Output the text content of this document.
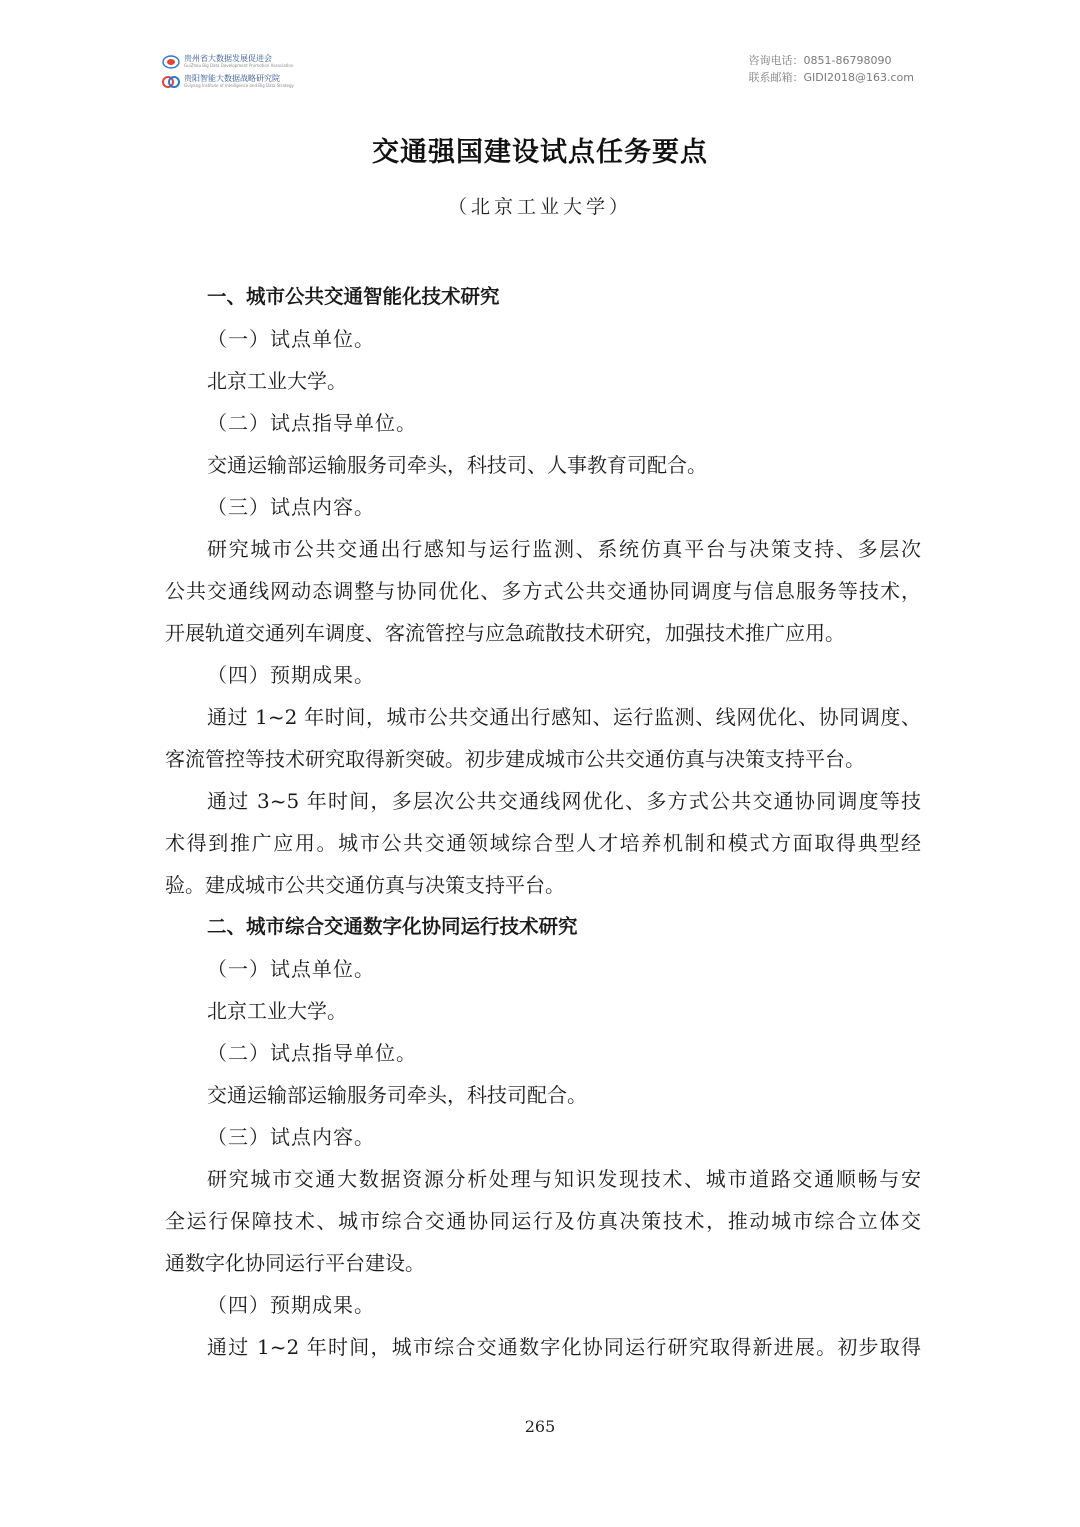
贵州省大数据发展促进会
GuiZhou Big Data Development Promotion Association
贵阳智能大数据战略研究院
Guiyang Institute of Intelligence and Big Data Strategy
咨询电话：0851-86798090
联系邮箱：GIDI2018@163.com
交通强国建设试点任务要点
（北京工业大学）
一、城市公共交通智能化技术研究
（一）试点单位。
北京工业大学。
（二）试点指导单位。
交通运输部运输服务司牵头，科技司、人事教育司配合。
（三）试点内容。
研究城市公共交通出行感知与运行监测、系统仿真平台与决策支持、多层次
公共交通线网动态调整与协同优化、多方式公共交通协同调度与信息服务等技术，
开展轨道交通列车调度、客流管控与应急疏散技术研究，加强技术推广应用。
（四）预期成果。
通过 1~2 年时间，城市公共交通出行感知、运行监测、线网优化、协同调度、
客流管控等技术研究取得新突破。初步建成城市公共交通仿真与决策支持平台。
通过 3~5 年时间，多层次公共交通线网优化、多方式公共交通协同调度等技
术得到推广应用。城市公共交通领域综合型人才培养机制和模式方面取得典型经
验。建成城市公共交通仿真与决策支持平台。
二、城市综合交通数字化协同运行技术研究
（一）试点单位。
北京工业大学。
（二）试点指导单位。
交通运输部运输服务司牵头，科技司配合。
（三）试点内容。
研究城市交通大数据资源分析处理与知识发现技术、城市道路交通顺畅与安
全运行保障技术、城市综合交通协同运行及仿真决策技术，推动城市综合立体交
通数字化协同运行平台建设。
（四）预期成果。
通过 1~2 年时间，城市综合交通数字化协同运行研究取得新进展。初步取得
265
